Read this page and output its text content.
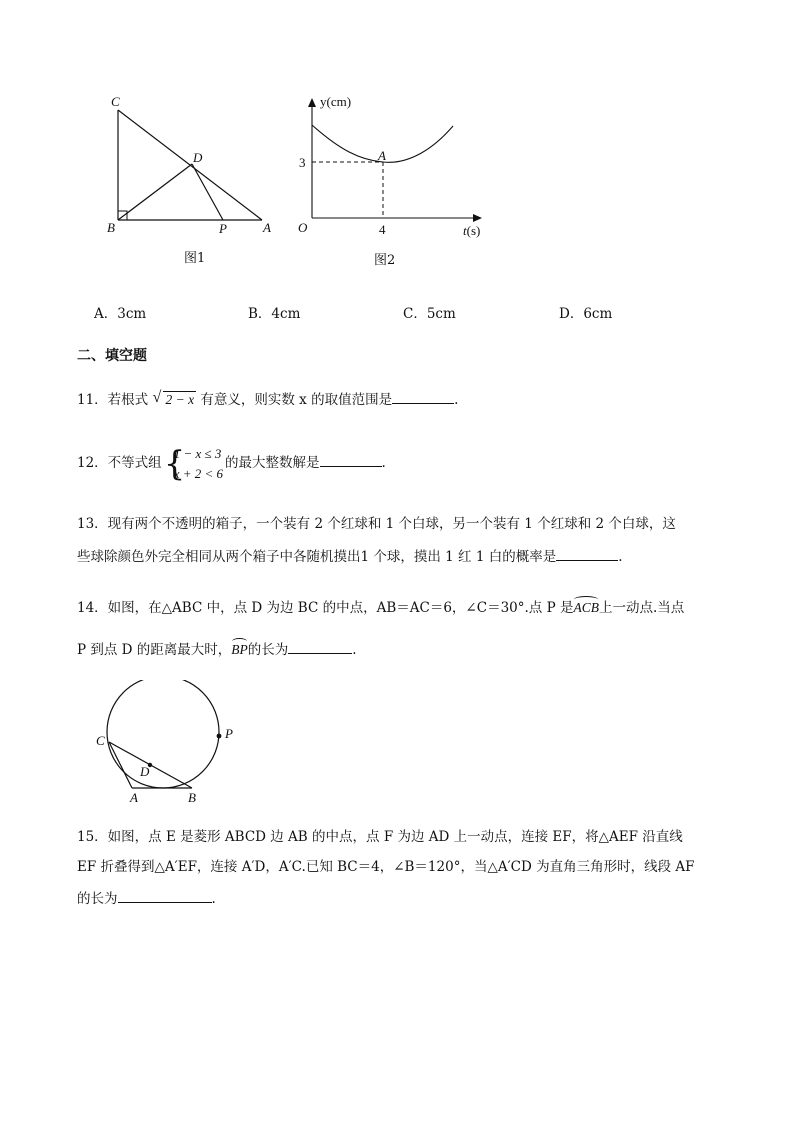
C
D
B	P	A
图1
y(cm)
A
3
O	4	t(s)
图2
A．3cm	B．4cm	C．5cm	D．6cm
二、填空题
11．若根式 √ 2 − x 有意义，则实数 x 的取值范围是	.
12．不等式组 {
1 − x ≤ 3
x + 2 < 6
的最大整数解是	.
13．现有两个不透明的箱子，一个装有 2 个红球和 1 个白球，另一个装有 1 个红球和 2 个白球，这
些球除颜色外完全相同从两个箱子中各随机摸出1 个球，摸出 1 红 1 白的概率是	.
14．如图，在△ABC 中，点 D 为边 BC 的中点，AB＝AC＝6，∠C＝30°.点 P 是ACB上一动点.当点
P 到点 D 的距离最大时，BP的长为	.
C	P
D
A	B
15．如图，点 E 是菱形 ABCD 边 AB 的中点，点 F 为边 AD 上一动点，连接 EF，将△AEF 沿直线
EF 折叠得到△A′EF，连接 A′D，A′C.已知 BC＝4，∠B＝120°，当△A′CD 为直角三角形时，线段 AF
的长为	.
